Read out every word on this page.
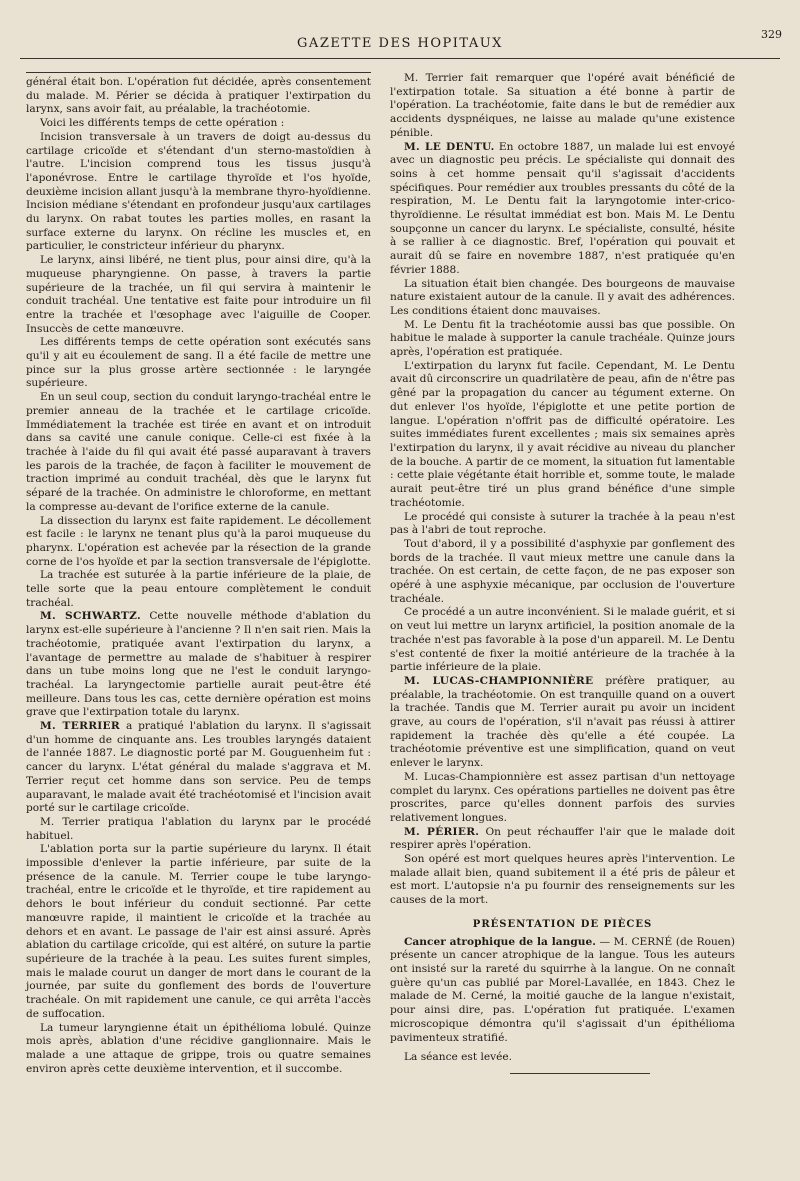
GAZETTE DES HOPITAUX
329

général était bon. L'opération fut décidée, après consentement du malade. M. Périer se décida à pratiquer l'extirpation du larynx, sans avoir fait, au préalable, la trachéotomie.

Voici les différents temps de cette opération :

Incision transversale à un travers de doigt au-dessus du cartilage cricoïde et s'étendant d'un sterno-mastoïdien à l'autre. L'incision comprend tous les tissus jusqu'à l'aponévrose. Entre le cartilage thyroïde et l'os hyoïde, deuxième incision allant jusqu'à la membrane thyro-hyoïdienne. Incision médiane s'étendant en profondeur jusqu'aux cartilages du larynx. On rabat toutes les parties molles, en rasant la surface externe du larynx. On récline les muscles et, en particulier, le constricteur inférieur du pharynx.

Le larynx, ainsi libéré, ne tient plus, pour ainsi dire, qu'à la muqueuse pharyngienne. On passe, à travers la partie supérieure de la trachée, un fil qui servira à maintenir le conduit trachéal. Une tentative est faite pour introduire un fil entre la trachée et l'œsophage avec l'aiguille de Cooper. Insuccès de cette manœuvre.

Les différents temps de cette opération sont exécutés sans qu'il y ait eu écoulement de sang. Il a été facile de mettre une pince sur la plus grosse artère sectionnée : le laryngée supérieure.

En un seul coup, section du conduit laryngo-trachéal entre le premier anneau de la trachée et le cartilage cricoïde. Immédiatement la trachée est tirée en avant et on introduit dans sa cavité une canule conique. Celle-ci est fixée à la trachée à l'aide du fil qui avait été passé auparavant à travers les parois de la trachée, de façon à faciliter le mouvement de traction imprimé au conduit trachéal, dès que le larynx fut séparé de la trachée. On administre le chloroforme, en mettant la compresse au-devant de l'orifice externe de la canule.

La dissection du larynx est faite rapidement. Le décollement est facile : le larynx ne tenant plus qu'à la paroi muqueuse du pharynx. L'opération est achevée par la résection de la grande corne de l'os hyoïde et par la section transversale de l'épiglotte.

La trachée est suturée à la partie inférieure de la plaie, de telle sorte que la peau entoure complètement le conduit trachéal.

M. SCHWARTZ. Cette nouvelle méthode d'ablation du larynx est-elle supérieure à l'ancienne ? Il n'en sait rien. Mais la trachéotomie, pratiquée avant l'extirpation du larynx, a l'avantage de permettre au malade de s'habituer à respirer dans un tube moins long que ne l'est le conduit laryngo-trachéal. La laryngectomie partielle aurait peut-être été meilleure. Dans tous les cas, cette dernière opération est moins grave que l'extirpation totale du larynx.

M. TERRIER a pratiqué l'ablation du larynx. Il s'agissait d'un homme de cinquante ans. Les troubles laryngés dataient de l'année 1887. Le diagnostic porté par M. Gouguenheim fut : cancer du larynx. L'état général du malade s'aggrava et M. Terrier reçut cet homme dans son service. Peu de temps auparavant, le malade avait été trachéotomisé et l'incision avait porté sur le cartilage cricoïde.

M. Terrier pratiqua l'ablation du larynx par le procédé habituel.

L'ablation porta sur la partie supérieure du larynx. Il était impossible d'enlever la partie inférieure, par suite de la présence de la canule. M. Terrier coupe le tube laryngo-trachéal, entre le cricoïde et le thyroïde, et tire rapidement au dehors le bout inférieur du conduit sectionné. Par cette manœuvre rapide, il maintient le cricoïde et la trachée au dehors et en avant. Le passage de l'air est ainsi assuré. Après ablation du cartilage cricoïde, qui est altéré, on suture la partie supérieure de la trachée à la peau. Les suites furent simples, mais le malade courut un danger de mort dans le courant de la journée, par suite du gonflement des bords de l'ouverture trachéale. On mit rapidement une canule, ce qui arrêta l'accès de suffocation.

La tumeur laryngienne était un épithélioma lobulé. Quinze mois après, ablation d'une récidive ganglionnaire. Mais le malade a une attaque de grippe, trois ou quatre semaines environ après cette deuxième intervention, et il succombe.

M. Terrier fait remarquer que l'opéré avait bénéficié de l'extirpation totale. Sa situation a été bonne à partir de l'opération. La trachéotomie, faite dans le but de remédier aux accidents dyspnéiques, ne laisse au malade qu'une existence pénible.

M. LE DENTU. En octobre 1887, un malade lui est envoyé avec un diagnostic peu précis. Le spécialiste qui donnait des soins à cet homme pensait qu'il s'agissait d'accidents spécifiques. Pour remédier aux troubles pressants du côté de la respiration, M. Le Dentu fait la laryngotomie inter-crico-thyroïdienne. Le résultat immédiat est bon. Mais M. Le Dentu soupçonne un cancer du larynx. Le spécialiste, consulté, hésite à se rallier à ce diagnostic. Bref, l'opération qui pouvait et aurait dû se faire en novembre 1887, n'est pratiquée qu'en février 1888.

La situation était bien changée. Des bourgeons de mauvaise nature existaient autour de la canule. Il y avait des adhérences. Les conditions étaient donc mauvaises.

M. Le Dentu fit la trachéotomie aussi bas que possible. On habitue le malade à supporter la canule trachéale. Quinze jours après, l'opération est pratiquée.

L'extirpation du larynx fut facile. Cependant, M. Le Dentu avait dû circonscrire un quadrilatère de peau, afin de n'être pas gêné par la propagation du cancer au tégument externe. On dut enlever l'os hyoïde, l'épiglotte et une petite portion de langue. L'opération n'offrit pas de difficulté opératoire. Les suites immédiates furent excellentes ; mais six semaines après l'extirpation du larynx, il y avait récidive au niveau du plancher de la bouche. A partir de ce moment, la situation fut lamentable : cette plaie végétante était horrible et, somme toute, le malade aurait peut-être tiré un plus grand bénéfice d'une simple trachéotomie.

Le procédé qui consiste à suturer la trachée à la peau n'est pas à l'abri de tout reproche.

Tout d'abord, il y a possibilité d'asphyxie par gonflement des bords de la trachée. Il vaut mieux mettre une canule dans la trachée. On est certain, de cette façon, de ne pas exposer son opéré à une asphyxie mécanique, par occlusion de l'ouverture trachéale.

Ce procédé a un autre inconvénient. Si le malade guérit, et si on veut lui mettre un larynx artificiel, la position anomale de la trachée n'est pas favorable à la pose d'un appareil. M. Le Dentu s'est contenté de fixer la moitié antérieure de la trachée à la partie inférieure de la plaie.

M. LUCAS-CHAMPIONNIÈRE préfère pratiquer, au préalable, la trachéotomie. On est tranquille quand on a ouvert la trachée. Tandis que M. Terrier aurait pu avoir un incident grave, au cours de l'opération, s'il n'avait pas réussi à attirer rapidement la trachée dès qu'elle a été coupée. La trachéotomie préventive est une simplification, quand on veut enlever le larynx.

M. Lucas-Championnière est assez partisan d'un nettoyage complet du larynx. Ces opérations partielles ne doivent pas être proscrites, parce qu'elles donnent parfois des survies relativement longues.

M. PÉRIER. On peut réchauffer l'air que le malade doit respirer après l'opération.

Son opéré est mort quelques heures après l'intervention. Le malade allait bien, quand subitement il a été pris de pâleur et est mort. L'autopsie n'a pu fournir des renseignements sur les causes de la mort.

PRÉSENTATION DE PIÈCES

Cancer atrophique de la langue. — M. CERNÉ (de Rouen) présente un cancer atrophique de la langue. Tous les auteurs ont insisté sur la rareté du squirrhe à la langue. On ne connaît guère qu'un cas publié par Morel-Lavallée, en 1843. Chez le malade de M. Cerné, la moitié gauche de la langue n'existait, pour ainsi dire, pas. L'opération fut pratiquée. L'examen microscopique démontra qu'il s'agissait d'un épithélioma pavimenteux stratifié.

La séance est levée.
